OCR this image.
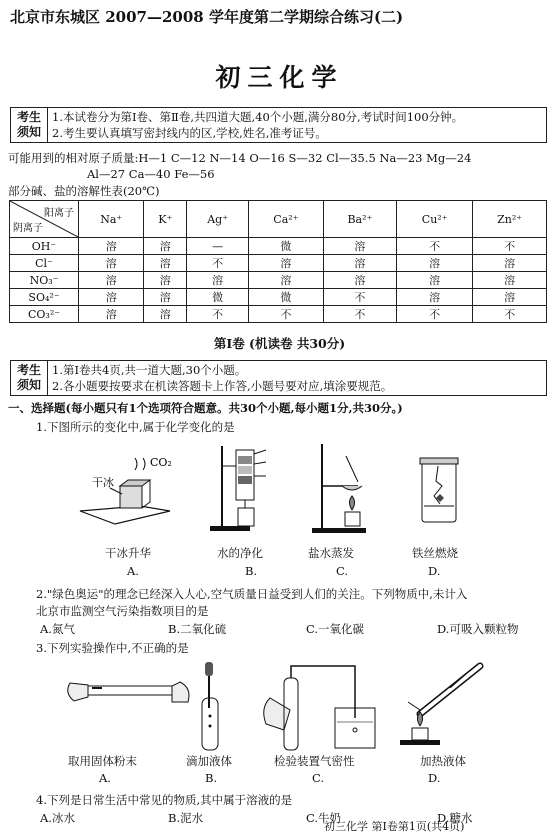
北京市东城区 2007—2008 学年度第二学期综合练习(二)
初三化学
考生
须知
1.本试卷分为第Ⅰ卷、第Ⅱ卷,共四道大题,40个小题,满分80分,考试时间100分钟。
2.考生要认真填写密封线内的区,学校,姓名,准考证号。
可能用到的相对原子质量:H—1 C—12 N—14 O—16 S—32 Cl—35.5 Na—23 Mg—24
Al—27 Ca—40 Fe—56
部分碱、盐的溶解性表(20℃)
阳离子
阴离子	Na⁺	K⁺	Ag⁺	Ca²⁺	Ba²⁺	Cu²⁺	Zn²⁺
OH⁻	溶	溶	—	微	溶	不	不
Cl⁻	溶	溶	不	溶	溶	溶	溶
NO₃⁻	溶	溶	溶	溶	溶	溶	溶
SO₄²⁻	溶	溶	微	微	不	溶	溶
CO₃²⁻	溶	溶	不	不	不	不	不
第Ⅰ卷 (机读卷 共30分)
考生
须知
1.第Ⅰ卷共4页,共一道大题,30个小题。
2.各小题要按要求在机读答题卡上作答,小题号要对应,填涂要规范。
一、选择题(每小题只有1个选项符合题意。共30个小题,每小题1分,共30分。)
1.下图所示的变化中,属于化学变化的是
干冰
CO₂
干冰升华	水的净化	盐水蒸发	铁丝燃烧
A.	B.	C.	D.
2."绿色奥运"的理念已经深入人心,空气质量日益受到人们的关注。下列物质中,未计入
北京市监测空气污染指数项目的是
A.氮气	B.二氧化硫	C.一氧化碳	D.可吸入颗粒物
3.下列实验操作中,不正确的是
取用固体粉末	滴加液体	检验装置气密性	加热液体
A.	B.	C.	D.
4.下列是日常生活中常见的物质,其中属于溶液的是
A.冰水	B.泥水	C.牛奶	D.糖水
初三化学 第Ⅰ卷第1页(共4页)
